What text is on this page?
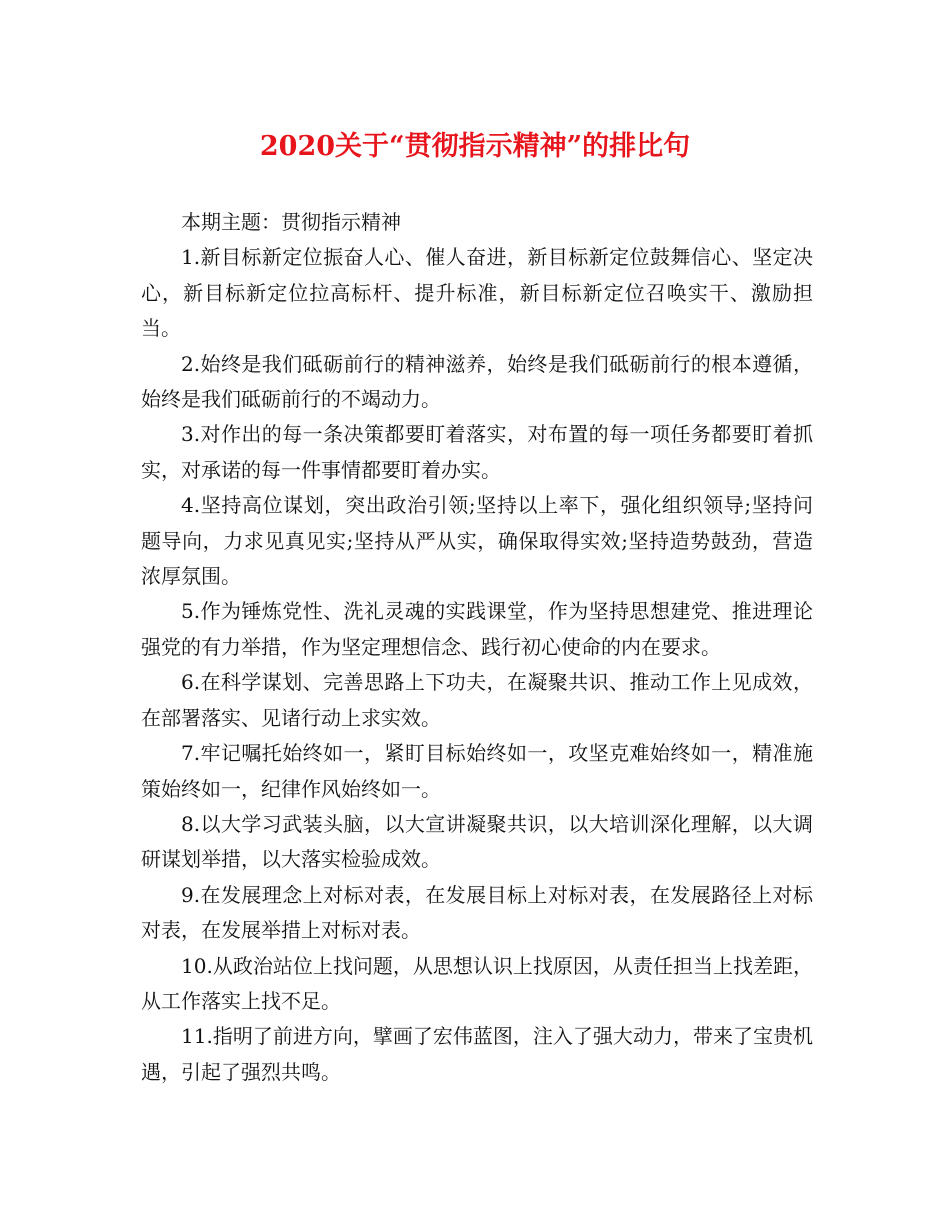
2020关于“贯彻指示精神”的排比句

本期主题：贯彻指示精神

1.新目标新定位振奋人心、催人奋进，新目标新定位鼓舞信心、坚定决心，新目标新定位拉高标杆、提升标准，新目标新定位召唤实干、激励担当。

2.始终是我们砥砺前行的精神滋养，始终是我们砥砺前行的根本遵循，始终是我们砥砺前行的不竭动力。

3.对作出的每一条决策都要盯着落实，对布置的每一项任务都要盯着抓实，对承诺的每一件事情都要盯着办实。

4.坚持高位谋划，突出政治引领;坚持以上率下，强化组织领导;坚持问题导向，力求见真见实;坚持从严从实，确保取得实效;坚持造势鼓劲，营造浓厚氛围。

5.作为锤炼党性、洗礼灵魂的实践课堂，作为坚持思想建党、推进理论强党的有力举措，作为坚定理想信念、践行初心使命的内在要求。

6.在科学谋划、完善思路上下功夫，在凝聚共识、推动工作上见成效，在部署落实、见诸行动上求实效。

7.牢记嘱托始终如一，紧盯目标始终如一，攻坚克难始终如一，精准施策始终如一，纪律作风始终如一。

8.以大学习武装头脑，以大宣讲凝聚共识，以大培训深化理解，以大调研谋划举措，以大落实检验成效。

9.在发展理念上对标对表，在发展目标上对标对表，在发展路径上对标对表，在发展举措上对标对表。

10.从政治站位上找问题，从思想认识上找原因，从责任担当上找差距，从工作落实上找不足。

11.指明了前进方向，擘画了宏伟蓝图，注入了强大动力，带来了宝贵机遇，引起了强烈共鸣。
